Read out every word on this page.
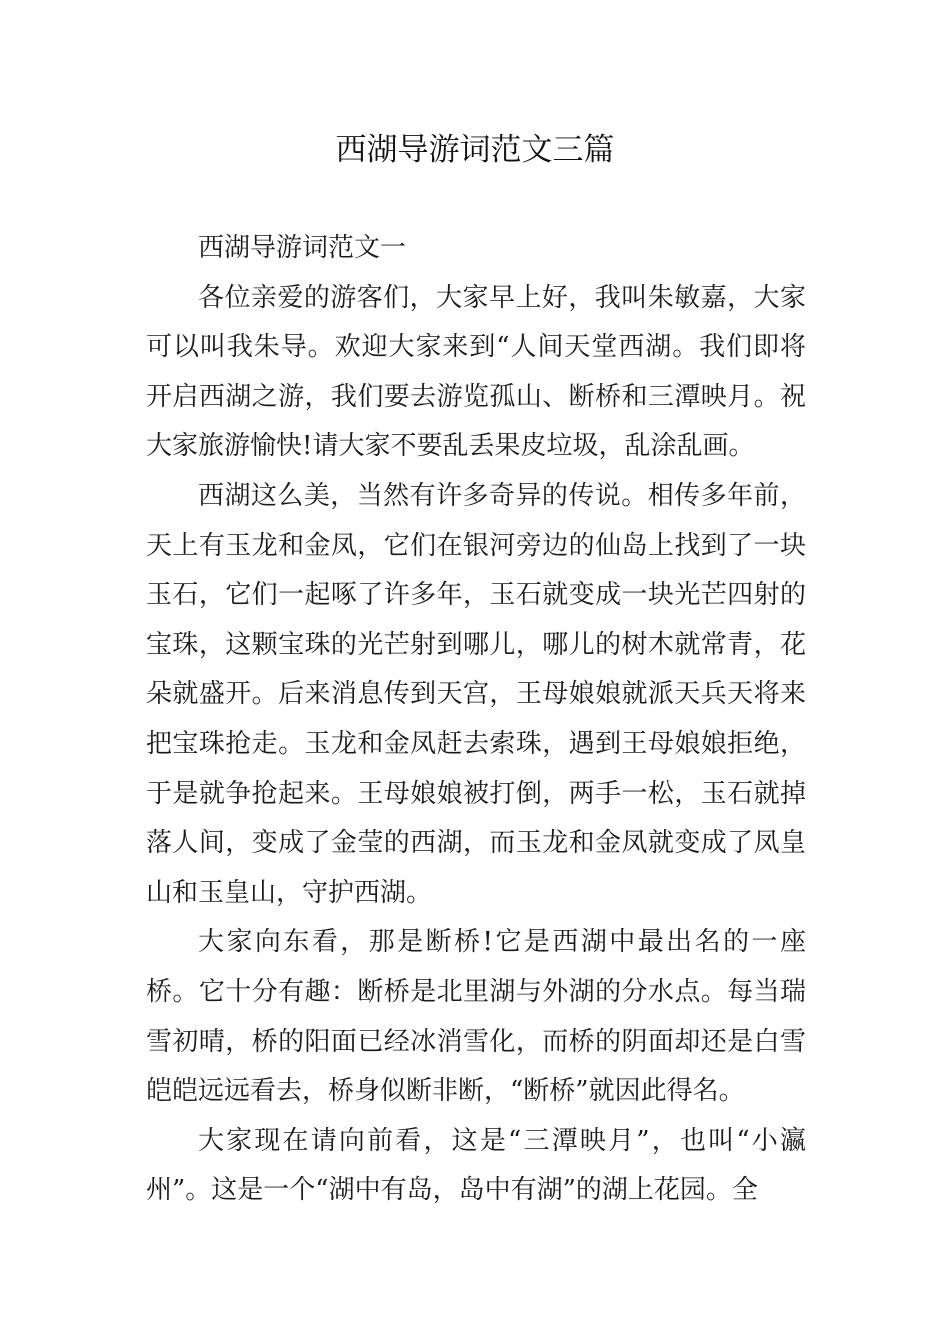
西湖导游词范文三篇

西湖导游词范文一

各位亲爱的游客们，大家早上好，我叫朱敏嘉，大家可以叫我朱导。欢迎大家来到“人间天堂西湖。我们即将开启西湖之游，我们要去游览孤山、断桥和三潭映月。祝大家旅游愉快!请大家不要乱丢果皮垃圾，乱涂乱画。

西湖这么美，当然有许多奇异的传说。相传多年前，天上有玉龙和金凤，它们在银河旁边的仙岛上找到了一块玉石，它们一起啄了许多年，玉石就变成一块光芒四射的宝珠，这颗宝珠的光芒射到哪儿，哪儿的树木就常青，花朵就盛开。后来消息传到天宫，王母娘娘就派天兵天将来把宝珠抢走。玉龙和金凤赶去索珠，遇到王母娘娘拒绝，于是就争抢起来。王母娘娘被打倒，两手一松，玉石就掉落人间，变成了金莹的西湖，而玉龙和金凤就变成了凤皇山和玉皇山，守护西湖。

大家向东看，那是断桥!它是西湖中最出名的一座桥。它十分有趣：断桥是北里湖与外湖的分水点。每当瑞雪初晴，桥的阳面已经冰消雪化，而桥的阴面却还是白雪皑皑远远看去，桥身似断非断，“断桥”就因此得名。

大家现在请向前看，这是“三潭映月”，也叫“小瀛州”。这是一个“湖中有岛，岛中有湖”的湖上花园。全
